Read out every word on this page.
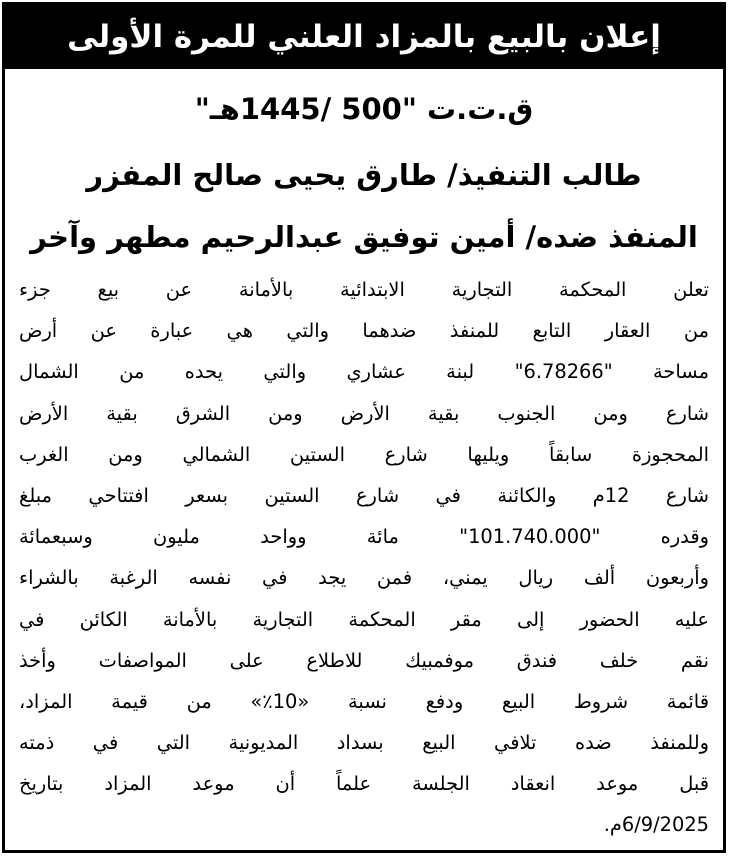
إعلان بالبيع بالمزاد العلني للمرة الأولى
ق.ت.ت "500 /1445هـ"
طالب التنفيذ/ طارق يحيى صالح المفزر
المنفذ ضده/ أمين توفيق عبدالرحيم مطهر وآخر
تعلن المحكمة التجارية الابتدائية بالأمانة عن بيع جزء
من العقار التابع للمنفذ ضدهما والتي هي عبارة عن أرض
مساحة "6.78266" لبنة عشاري والتي يحده من الشمال
شارع ومن الجنوب بقية الأرض ومن الشرق بقية الأرض
المحجوزة سابقاً ويليها شارع الستين الشمالي ومن الغرب
شارع 12م والكائنة في شارع الستين بسعر افتتاحي مبلغ
وقدره "101.740.000" مائة وواحد مليون وسبعمائة
وأربعون ألف ريال يمني، فمن يجد في نفسه الرغبة بالشراء
عليه الحضور إلى مقر المحكمة التجارية بالأمانة الكائن في
نقم خلف فندق موفمبيك للاطلاع على المواصفات وأخذ
قائمة شروط البيع ودفع نسبة «10٪» من قيمة المزاد،
وللمنفذ ضده تلافي البيع بسداد المديونية التي في ذمته
قبل موعد انعقاد الجلسة علماً أن موعد المزاد بتاريخ
6/9/2025م.
